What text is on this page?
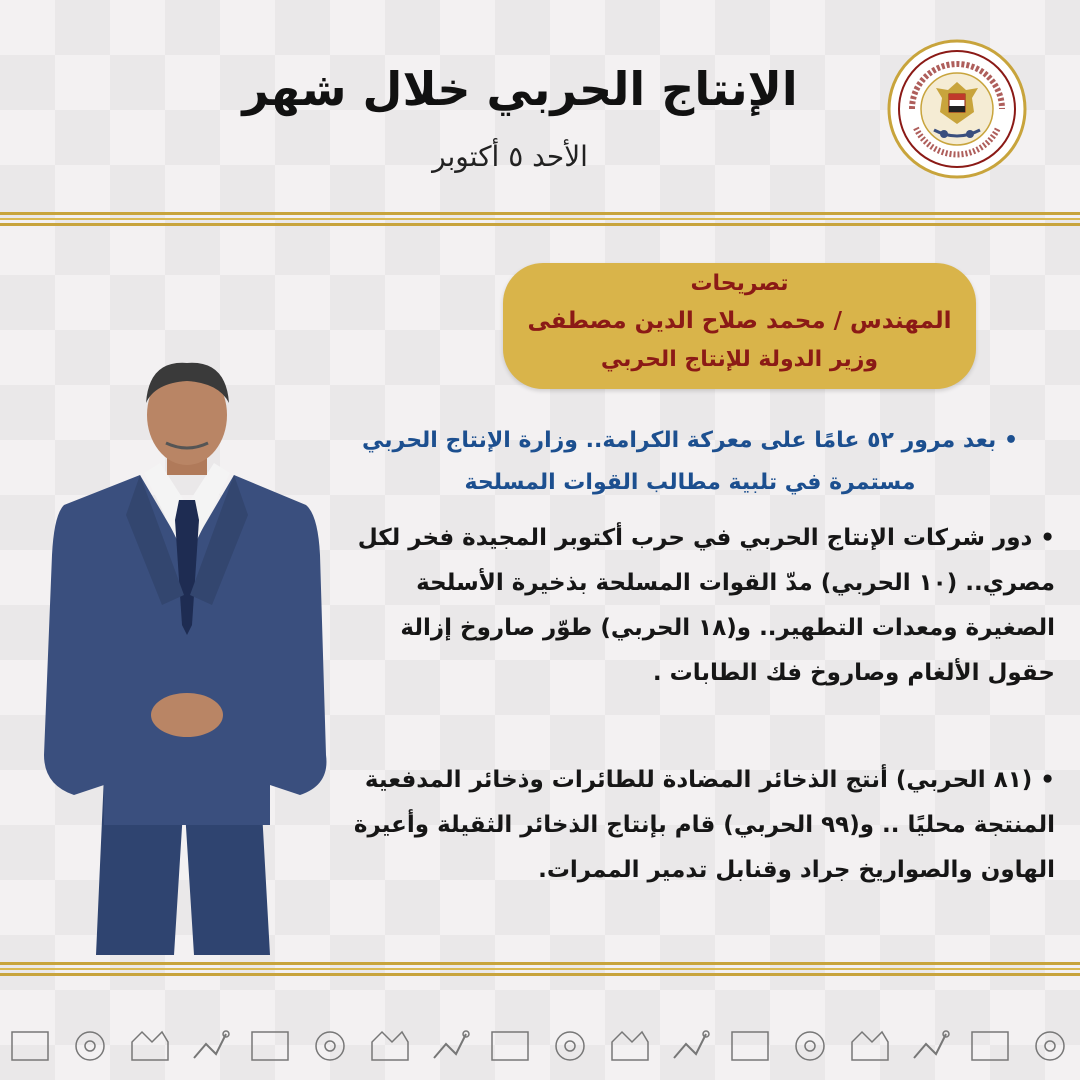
الإنتاج الحربي خلال شهر

الأحد ٥ أكتوبر

تصريحات
المهندس / محمد صلاح الدين مصطفى
وزير الدولة للإنتاج الحربي
• بعد مرور ٥٢ عامًا على معركة الكرامة.. وزارة الإنتاج الحربي
مستمرة في تلبية مطالب القوات المسلحة
• دور شركات الإنتاج الحربي في حرب أكتوبر المجيدة فخر لكل
مصري.. (١٠ الحربي) مدّ القوات المسلحة بذخيرة الأسلحة
الصغيرة ومعدات التطهير.. و(١٨ الحربي) طوّر صاروخ إزالة
حقول الألغام وصاروخ فك الطابات .
• (٨١ الحربي) أنتج الذخائر المضادة للطائرات وذخائر المدفعية
المنتجة محليًا .. و(٩٩ الحربي) قام بإنتاج الذخائر الثقيلة وأعيرة
الهاون والصواريخ جراد وقنابل تدمير الممرات.
